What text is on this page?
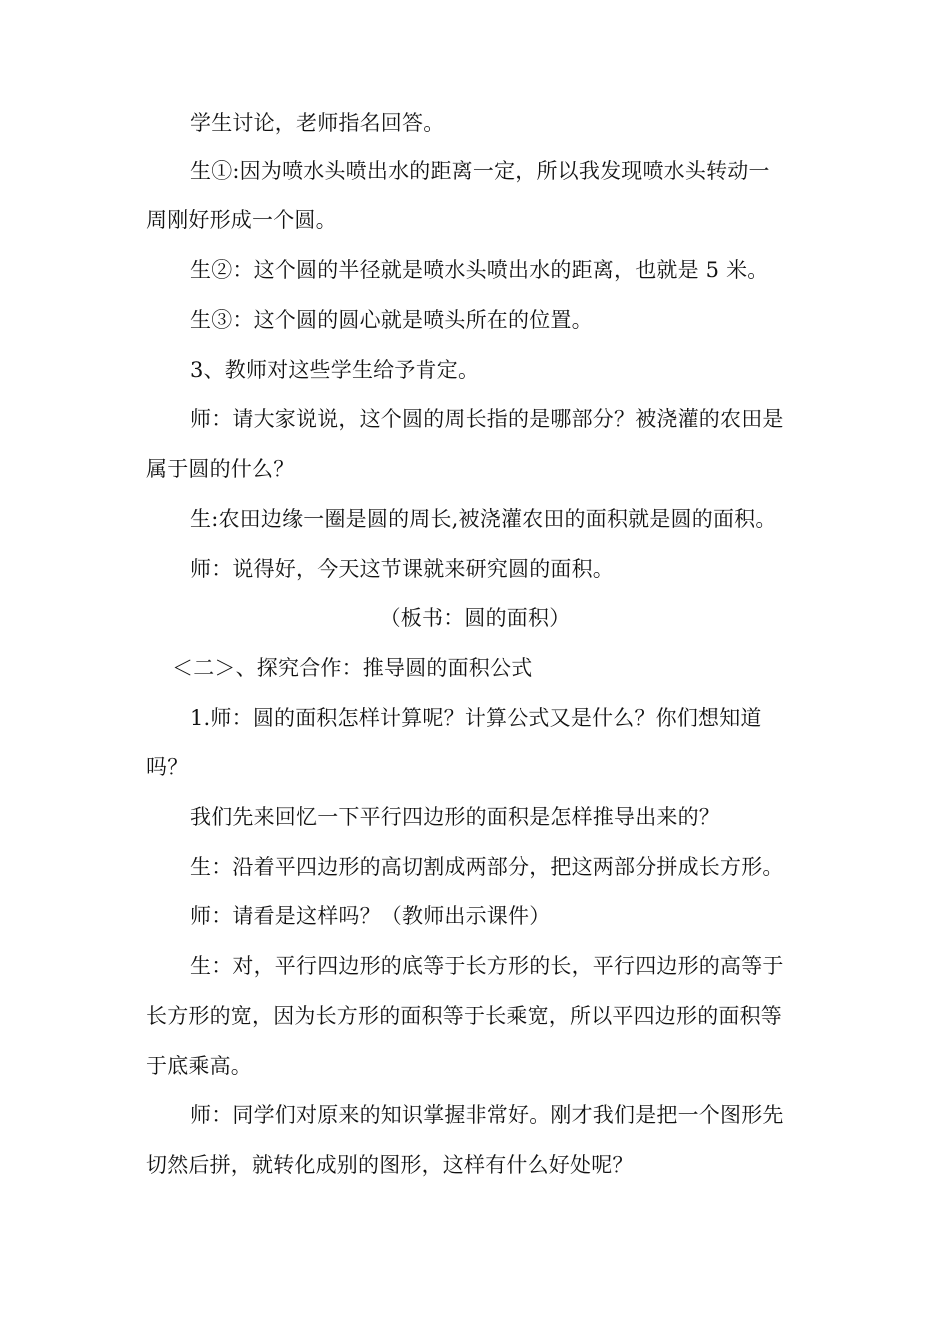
学生讨论，老师指名回答。
生①:因为喷水头喷出水的距离一定，所以我发现喷水头转动一
周刚好形成一个圆。
生②：这个圆的半径就是喷水头喷出水的距离，也就是 5 米。
生③：这个圆的圆心就是喷头所在的位置。
3、教师对这些学生给予肯定。
师：请大家说说，这个圆的周长指的是哪部分？被浇灌的农田是
属于圆的什么？
生:农田边缘一圈是圆的周长,被浇灌农田的面积就是圆的面积。
师：说得好，今天这节课就来研究圆的面积。
（板书：圆的面积）
＜二＞、探究合作：推导圆的面积公式
1.师：圆的面积怎样计算呢？计算公式又是什么？你们想知道
吗？
我们先来回忆一下平行四边形的面积是怎样推导出来的？
生：沿着平四边形的高切割成两部分，把这两部分拼成长方形。
师：请看是这样吗？（教师出示课件）
生：对，平行四边形的底等于长方形的长，平行四边形的高等于
长方形的宽，因为长方形的面积等于长乘宽，所以平四边形的面积等
于底乘高。
师：同学们对原来的知识掌握非常好。刚才我们是把一个图形先
切然后拼，就转化成别的图形，这样有什么好处呢？
